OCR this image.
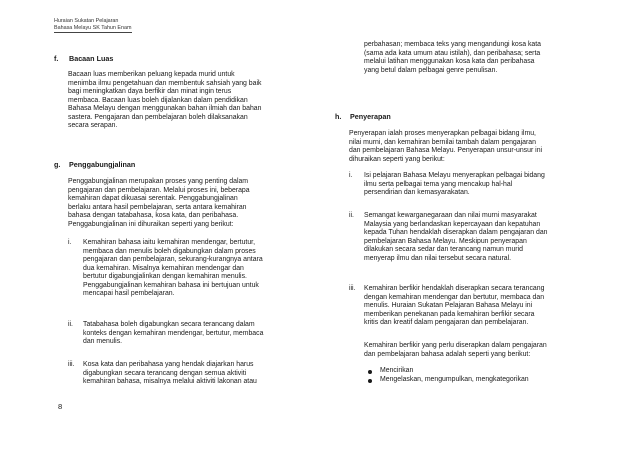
Huraian Sukatan Pelajaran
Bahasa Melayu SK Tahun Enam
f. Bacaan Luas

Bacaan luas memberikan peluang kepada murid untuk

menimba ilmu pengetahuan dan membentuk sahsiah yang baik

bagi meningkatkan daya berfikir dan minat ingin terus

membaca. Bacaan luas boleh dijalankan dalam pendidikan

Bahasa Melayu dengan menggunakan bahan ilmiah dan bahan

sastera. Pengajaran dan pembelajaran boleh dilaksanakan

secara serapan.

g. Penggabungjalinan

Penggabungjalinan merupakan proses yang penting dalam

pengajaran dan pembelajaran. Melalui proses ini, beberapa

kemahiran dapat dikuasai serentak. Penggabungjalinan

berlaku antara hasil pembelajaran, serta antara kemahiran

bahasa dengan tatabahasa, kosa kata, dan peribahasa.

Penggabungjalinan ini dihuraikan seperti yang berikut:

i. Kemahiran bahasa iaitu kemahiran mendengar, bertutur,

membaca dan menulis boleh digabungkan dalam proses

pengajaran dan pembelajaran, sekurang-kurangnya antara

dua kemahiran. Misalnya kemahiran mendengar dan

bertutur digabungjalinkan dengan kemahiran menulis.

Penggabungjalinan kemahiran bahasa ini bertujuan untuk

mencapai hasil pembelajaran.

ii. Tatabahasa boleh digabungkan secara terancang dalam

konteks dengan kemahiran mendengar, bertutur, membaca

dan menulis.

iii. Kosa kata dan peribahasa yang hendak diajarkan harus

digabungkan secara terancang dengan semua aktiviti

kemahiran bahasa, misalnya melalui aktiviti lakonan atau

perbahasan; membaca teks yang mengandungi kosa kata

(sama ada kata umum atau istilah), dan peribahasa; serta

melalui latihan menggunakan kosa kata dan peribahasa

yang betul dalam pelbagai genre penulisan.

h. Penyerapan

Penyerapan ialah proses menyerapkan pelbagai bidang ilmu,

nilai murni, dan kemahiran bernilai tambah dalam pengajaran

dan pembelajaran Bahasa Melayu. Penyerapan unsur-unsur ini

dihuraikan seperti yang berikut:

i. Isi pelajaran Bahasa Melayu menyerapkan pelbagai bidang

ilmu serta pelbagai tema yang mencakup hal-hal

persendirian dan kemasyarakatan.

ii. Semangat kewarganegaraan dan nilai murni masyarakat

Malaysia yang berlandaskan kepercayaan dan kepatuhan

kepada Tuhan hendaklah diserapkan dalam pengajaran dan

pembelajaran Bahasa Melayu. Meskipun penyerapan

dilakukan secara sedar dan terancang namun murid

menyerap ilmu dan nilai tersebut secara natural.

iii. Kemahiran berfikir hendaklah diserapkan secara terancang

dengan kemahiran mendengar dan bertutur, membaca dan

menulis. Huraian Sukatan Pelajaran Bahasa Melayu ini

memberikan penekanan pada kemahiran berfikir secara

kritis dan kreatif dalam pengajaran dan pembelajaran.

Kemahiran berfikir yang perlu diserapkan dalam pengajaran

dan pembelajaran bahasa adalah seperti yang berikut:

Mencirikan

Mengelaskan, mengumpulkan, mengkategorikan

8
